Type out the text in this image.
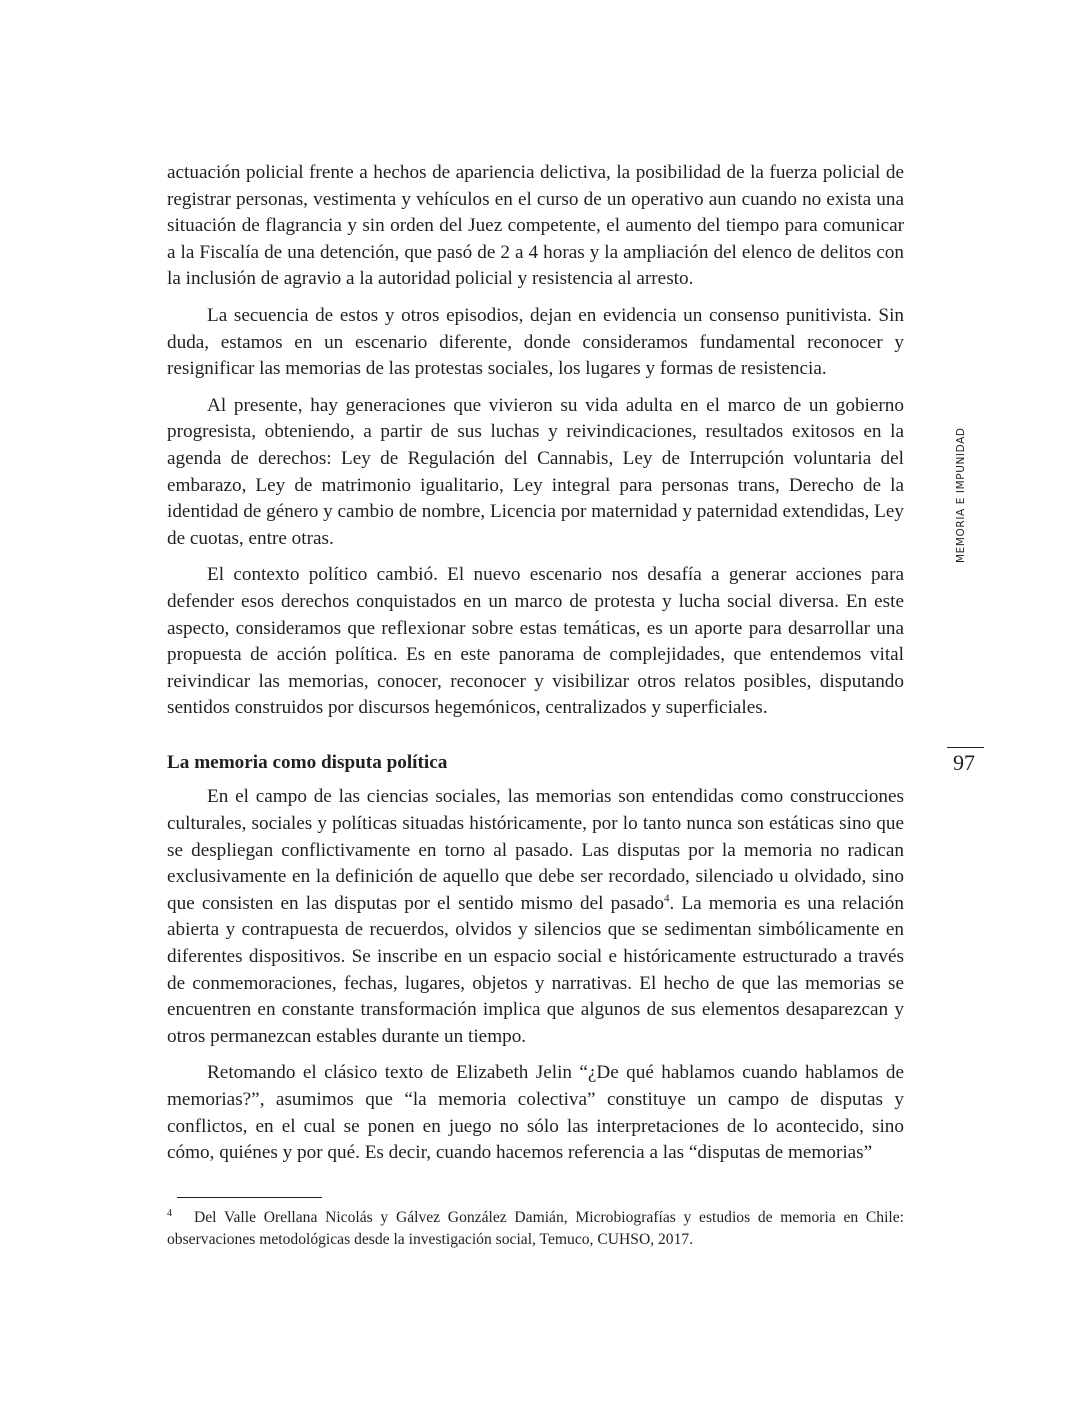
actuación policial frente a hechos de apariencia delictiva, la posibilidad de la fuerza policial de registrar personas, vestimenta y vehículos en el curso de un operativo aun cuando no exista una situación de flagrancia y sin orden del Juez competente, el aumento del tiempo para comunicar a la Fiscalía de una detención, que pasó de 2 a 4 horas y la ampliación del elenco de delitos con la inclusión de agravio a la autoridad policial y resistencia al arresto.

La secuencia de estos y otros episodios, dejan en evidencia un consenso punitivista. Sin duda, estamos en un escenario diferente, donde consideramos fundamental reconocer y resignificar las memorias de las protestas sociales, los lugares y formas de resistencia.

Al presente, hay generaciones que vivieron su vida adulta en el marco de un gobierno progresista, obteniendo, a partir de sus luchas y reivindicaciones, resultados exitosos en la agenda de derechos: Ley de Regulación del Cannabis, Ley de Interrupción voluntaria del embarazo, Ley de matrimonio igualitario, Ley integral para personas trans, Derecho de la identidad de género y cambio de nombre, Licencia por maternidad y paternidad extendidas, Ley de cuotas, entre otras.

El contexto político cambió. El nuevo escenario nos desafía a generar acciones para defender esos derechos conquistados en un marco de protesta y lucha social diversa. En este aspecto, consideramos que reflexionar sobre estas temáticas, es un aporte para desarrollar una propuesta de acción política. Es en este panorama de complejidades, que entendemos vital reivindicar las memorias, conocer, reconocer y visibilizar otros relatos posibles, disputando sentidos construidos por discursos hegemónicos, centralizados y superficiales.

La memoria como disputa política

En el campo de las ciencias sociales, las memorias son entendidas como construcciones culturales, sociales y políticas situadas históricamente, por lo tanto nunca son estáticas sino que se despliegan conflictivamente en torno al pasado. Las disputas por la memoria no radican exclusivamente en la definición de aquello que debe ser recordado, silenciado u olvidado, sino que consisten en las disputas por el sentido mismo del pasado$^4$. La memoria es una relación abierta y contrapuesta de recuerdos, olvidos y silencios que se sedimentan simbólicamente en diferentes dispositivos. Se inscribe en un espacio social e históricamente estructurado a través de conmemoraciones, fechas, lugares, objetos y narrativas. El hecho de que las memorias se encuentren en constante transformación implica que algunos de sus elementos desaparezcan y otros permanezcan estables durante un tiempo.

Retomando el clásico texto de Elizabeth Jelin “¿De qué hablamos cuando hablamos de memorias?”, asumimos que “la memoria colectiva” constituye un campo de disputas y conflictos, en el cual se ponen en juego no sólo las interpretaciones de lo acontecido, sino cómo, quiénes y por qué. Es decir, cuando hacemos referencia a las “disputas de memorias”

MEMORIA E IMPUNIDAD
97
$^4$ Del Valle Orellana Nicolás y Gálvez González Damián, Microbiografías y estudios de memoria en Chile: observaciones metodológicas desde la investigación social, Temuco, CUHSO, 2017.
